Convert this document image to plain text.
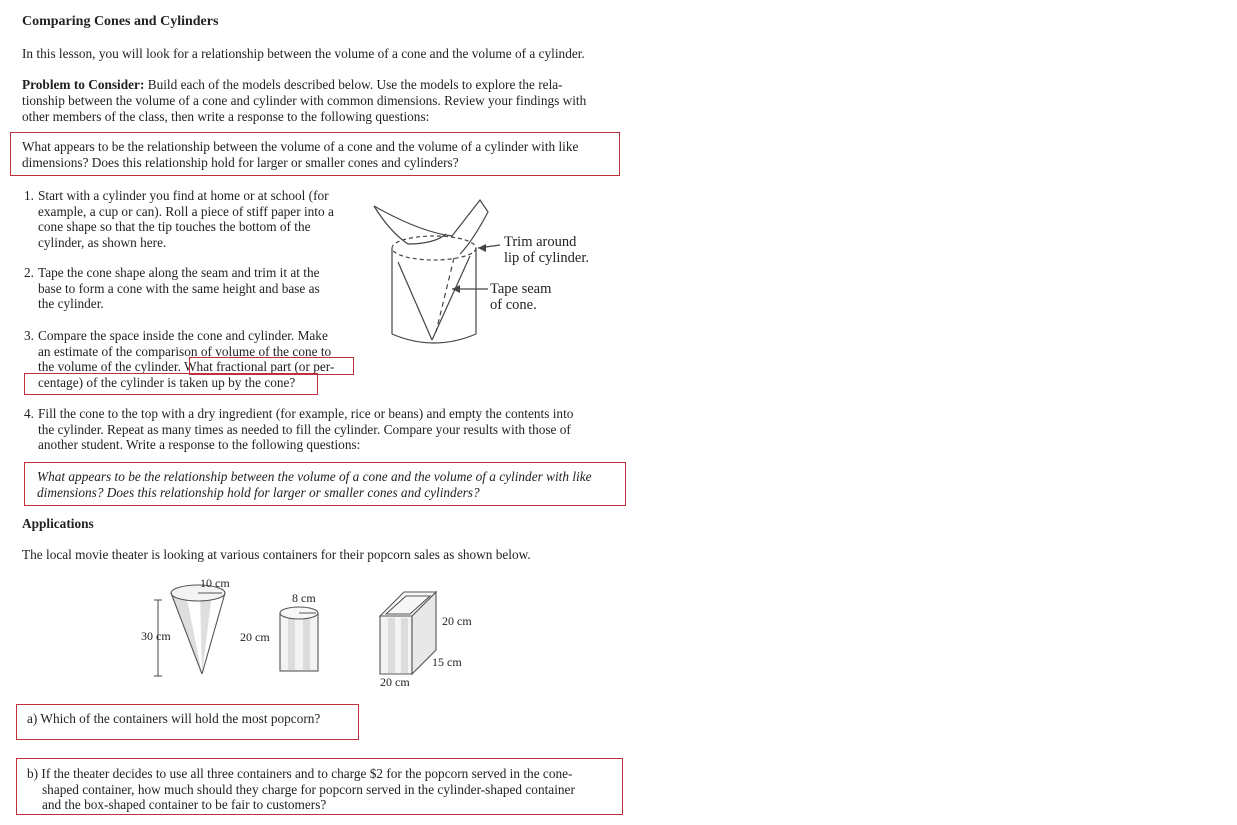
Comparing Cones and Cylinders
In this lesson, you will look for a relationship between the volume of a cone and the volume of a cylinder.
Problem to Consider: Build each of the models described below. Use the models to explore the rela-
tionship between the volume of a cone and cylinder with common dimensions. Review your findings with
other members of the class, then write a response to the following questions:
What appears to be the relationship between the volume of a cone and the volume of a cylinder with like
dimensions? Does this relationship hold for larger or smaller cones and cylinders?
1. Start with a cylinder you find at home or at school (for
example, a cup or can). Roll a piece of stiff paper into a
cone shape so that the tip touches the bottom of the
cylinder, as shown here.
2. Tape the cone shape along the seam and trim it at the
base to form a cone with the same height and base as
the cylinder.
3. Compare the space inside the cone and cylinder. Make
an estimate of the comparison of volume of the cone to
the volume of the cylinder. What fractional part (or per-
centage) of the cylinder is taken up by the cone?
Trim around
lip of cylinder.
Tape seam
of cone.
4. Fill the cone to the top with a dry ingredient (for example, rice or beans) and empty the contents into
the cylinder. Repeat as many times as needed to fill the cylinder. Compare your results with those of
another student. Write a response to the following questions:
What appears to be the relationship between the volume of a cone and the volume of a cylinder with like
dimensions? Does this relationship hold for larger or smaller cones and cylinders?
Applications
The local movie theater is looking at various containers for their popcorn sales as shown below.
10 cm
30 cm
8 cm
20 cm
20 cm
15 cm
20 cm
a) Which of the containers will hold the most popcorn?
b) If the theater decides to use all three containers and to charge $2 for the popcorn served in the cone-
shaped container, how much should they charge for popcorn served in the cylinder-shaped container
and the box-shaped container to be fair to customers?
